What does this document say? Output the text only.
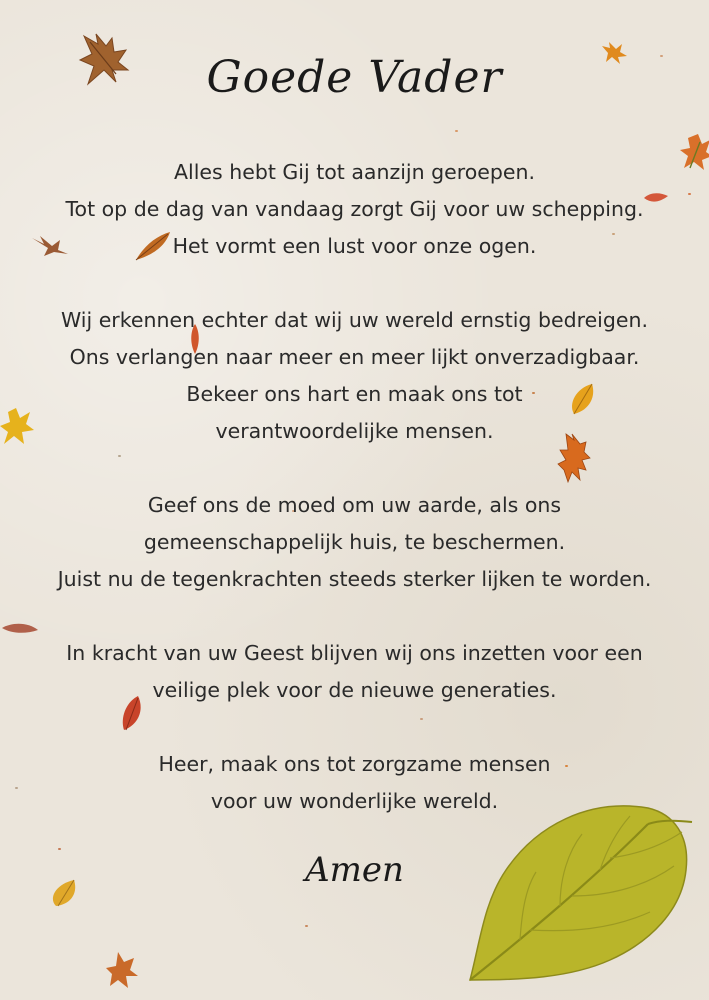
Goede Vader
Alles hebt Gij tot aanzijn geroepen.
Tot op de dag van vandaag zorgt Gij voor uw schepping.
Het vormt een lust voor onze ogen.
Wij erkennen echter dat wij uw wereld ernstig bedreigen.
Ons verlangen naar meer en meer lijkt onverzadigbaar.
Bekeer ons hart en maak ons tot
verantwoordelijke mensen.
Geef ons de moed om uw aarde, als ons
gemeenschappelijk huis, te beschermen.
Juist nu de tegenkrachten steeds sterker lijken te worden.
In kracht van uw Geest blijven wij ons inzetten voor een
veilige plek voor de nieuwe generaties.
Heer, maak ons tot zorgzame mensen
voor uw wonderlijke wereld.
Amen
